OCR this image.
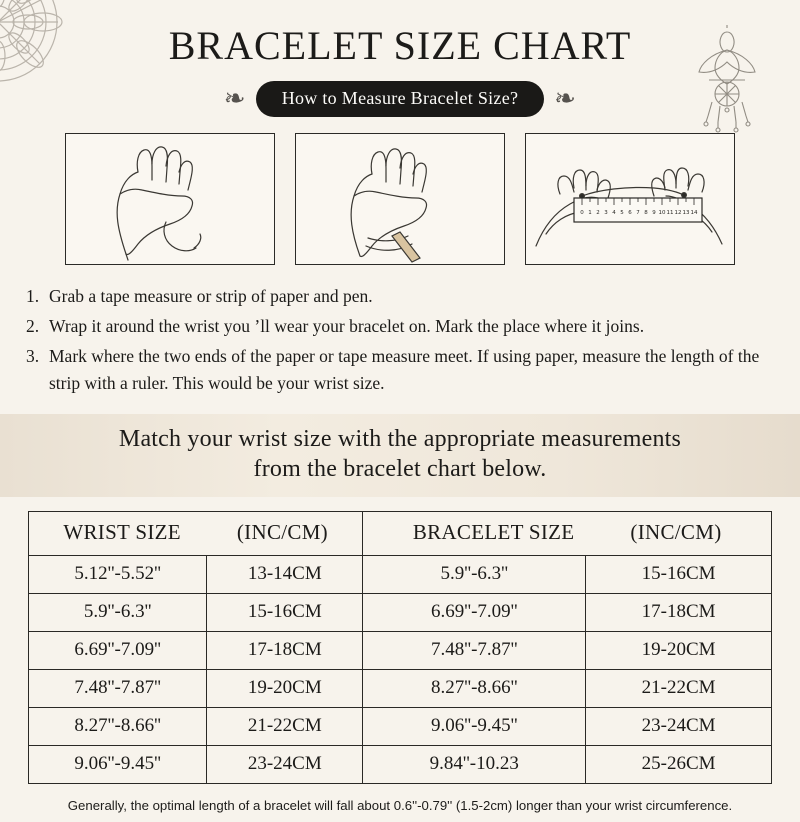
BRACELET SIZE CHART
❧	How to Measure Bracelet Size?	❧
0 1 2 3 4 5 6 7 8 9 10 11 12 13 14
1. Grab a tape measure or strip of paper and pen.
2. Wrap it around the wrist you ’ll wear your bracelet on. Mark the place where it joins.
3. Mark where the two ends of the paper or tape measure meet. If using paper, measure the length of the strip with a ruler. This would be your wrist size.
Match your wrist size with the appropriate measurements
from the bracelet chart below.
WRIST SIZE (INC/CM)		BRACELET SIZE (INC/CM)	
5.12''-5.52''	13-14CM	5.9''-6.3''	15-16CM
5.9''-6.3''	15-16CM	6.69''-7.09''	17-18CM
6.69''-7.09''	17-18CM	7.48''-7.87''	19-20CM
7.48''-7.87''	19-20CM	8.27''-8.66''	21-22CM
8.27''-8.66''	21-22CM	9.06''-9.45''	23-24CM
9.06''-9.45''	23-24CM	9.84''-10.23	25-26CM
Generally, the optimal length of a bracelet will fall about 0.6''-0.79'' (1.5-2cm) longer than your wrist circumference.
